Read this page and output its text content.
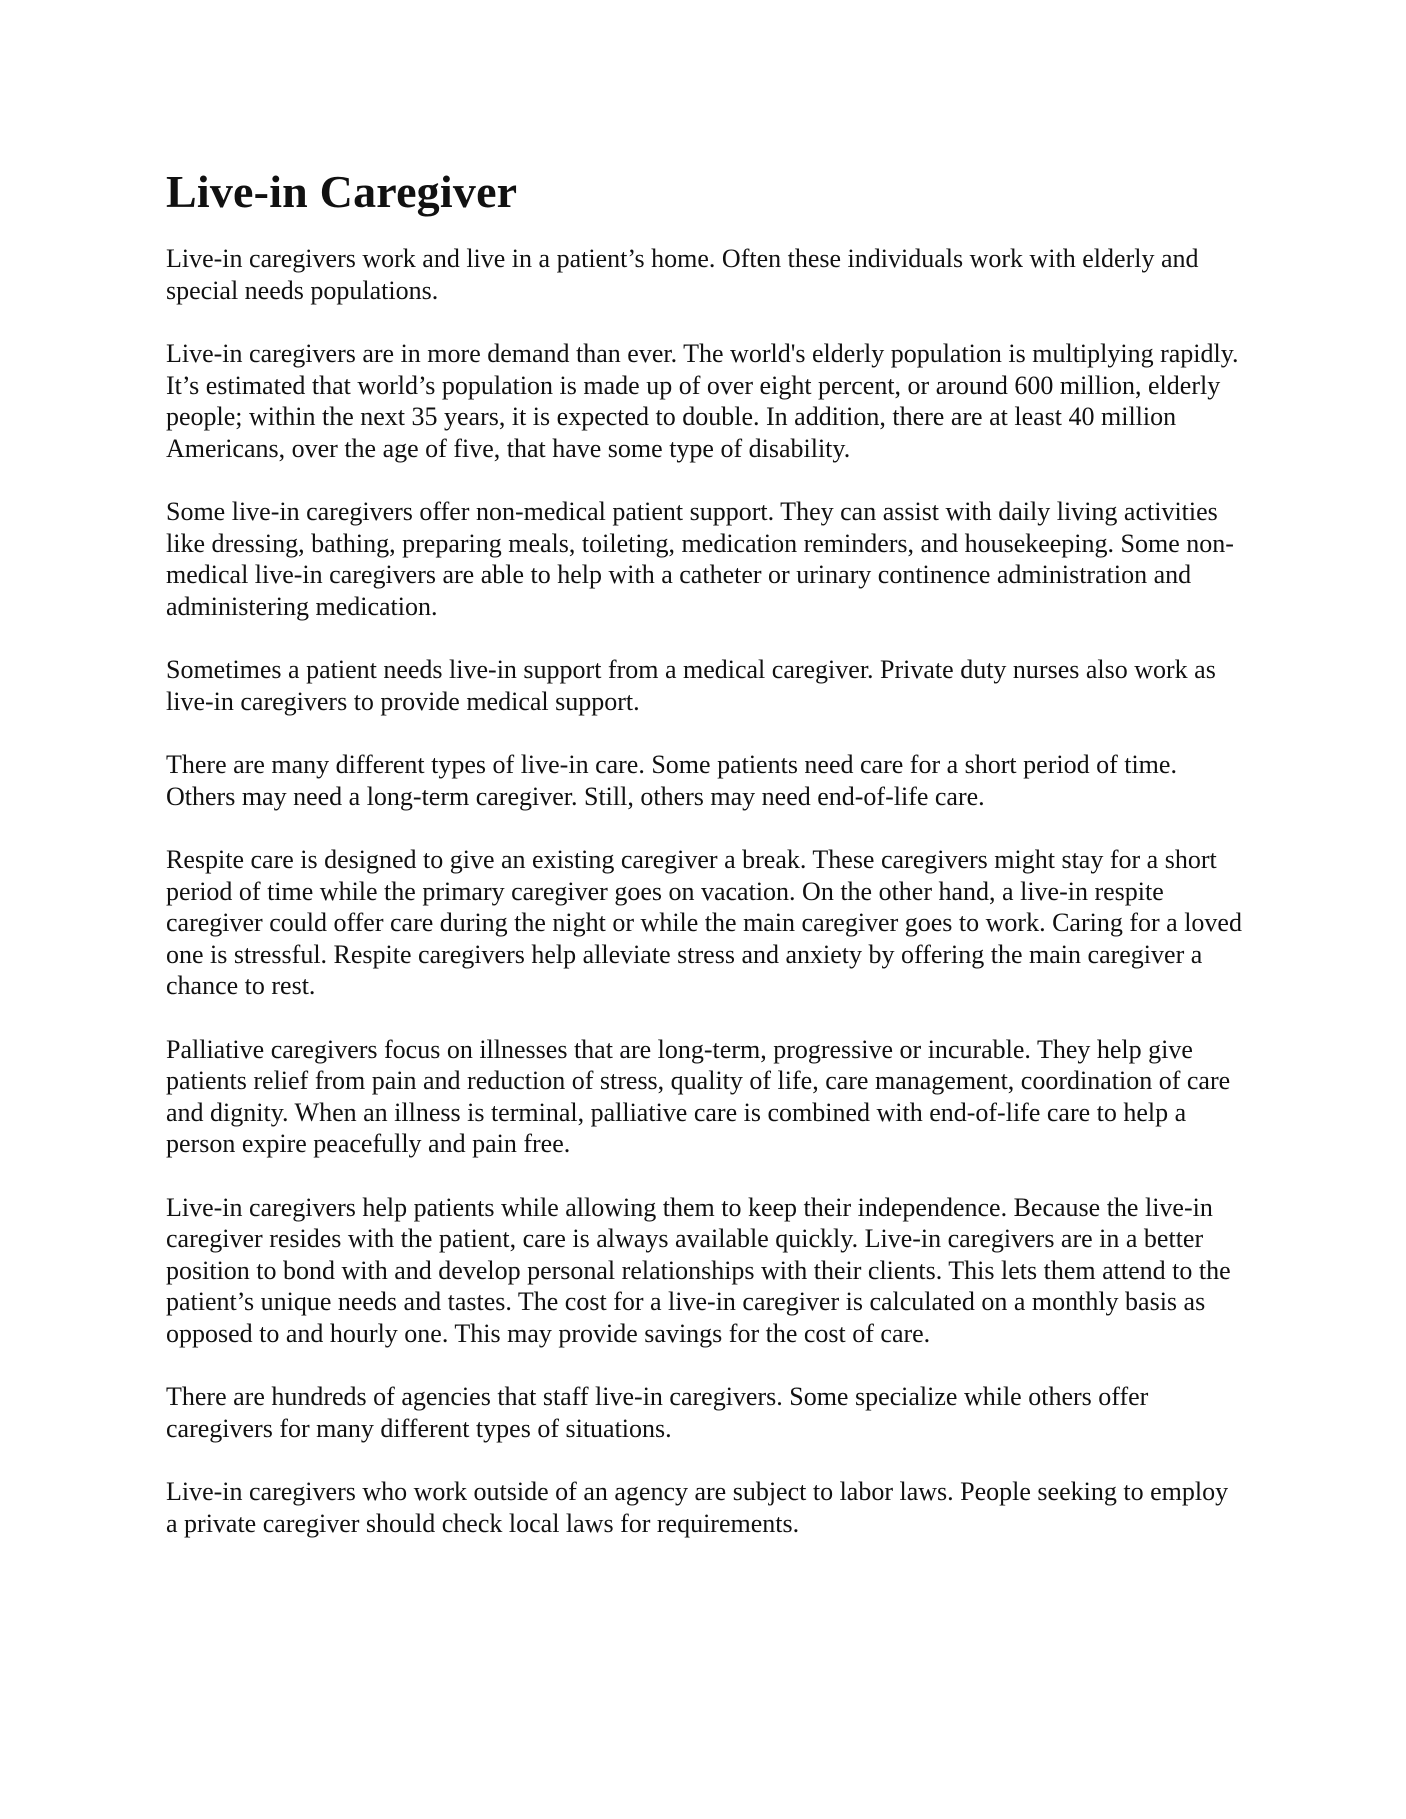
Live-in Caregiver

Live-in caregivers work and live in a patient’s home. Often these individuals work with elderly and special needs populations.

Live-in caregivers are in more demand than ever. The world's elderly population is multiplying rapidly. It’s estimated that world’s population is made up of over eight percent, or around 600 million, elderly people; within the next 35 years, it is expected to double. In addition, there are at least 40 million Americans, over the age of five, that have some type of disability.

Some live-in caregivers offer non-medical patient support. They can assist with daily living activities like dressing, bathing, preparing meals, toileting, medication reminders, and housekeeping. Some non-medical live-in caregivers are able to help with a catheter or urinary continence administration and administering medication.

Sometimes a patient needs live-in support from a medical caregiver. Private duty nurses also work as live-in caregivers to provide medical support.

There are many different types of live-in care. Some patients need care for a short period of time. Others may need a long-term caregiver. Still, others may need end-of-life care.

Respite care is designed to give an existing caregiver a break. These caregivers might stay for a short period of time while the primary caregiver goes on vacation. On the other hand, a live-in respite caregiver could offer care during the night or while the main caregiver goes to work. Caring for a loved one is stressful. Respite caregivers help alleviate stress and anxiety by offering the main caregiver a chance to rest.

Palliative caregivers focus on illnesses that are long-term, progressive or incurable. They help give patients relief from pain and reduction of stress, quality of life, care management, coordination of care and dignity. When an illness is terminal, palliative care is combined with end-of-life care to help a person expire peacefully and pain free.

Live-in caregivers help patients while allowing them to keep their independence. Because the live-in caregiver resides with the patient, care is always available quickly. Live-in caregivers are in a better position to bond with and develop personal relationships with their clients. This lets them attend to the patient’s unique needs and tastes. The cost for a live-in caregiver is calculated on a monthly basis as opposed to and hourly one. This may provide savings for the cost of care.

There are hundreds of agencies that staff live-in caregivers. Some specialize while others offer caregivers for many different types of situations.

Live-in caregivers who work outside of an agency are subject to labor laws. People seeking to employ a private caregiver should check local laws for requirements.
